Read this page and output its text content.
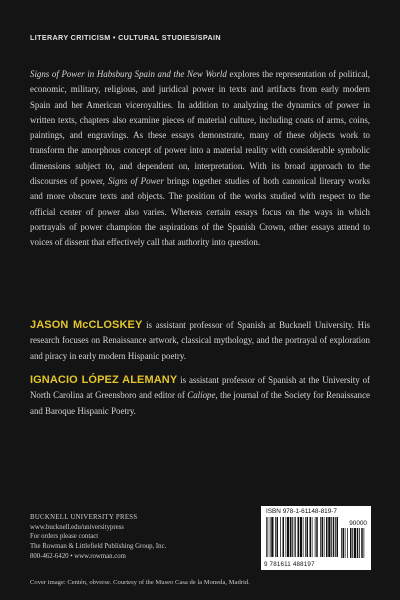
LITERARY CRITICISM • CULTURAL STUDIES/SPAIN

Signs of Power in Habsburg Spain and the New World explores the representation of political, economic, military, religious, and juridical power in texts and artifacts from early modern Spain and her American viceroyalties. In addition to analyzing the dynamics of power in written texts, chapters also examine pieces of material culture, including coats of arms, coins, paintings, and engravings. As these essays demonstrate, many of these objects work to transform the amorphous concept of power into a material reality with considerable symbolic dimensions subject to, and dependent on, interpretation. With its broad approach to the discourses of power, Signs of Power brings together studies of both canonical literary works and more obscure texts and objects. The position of the works studied with respect to the official center of power also varies. Whereas certain essays focus on the ways in which portrayals of power champion the aspirations of the Spanish Crown, other essays attend to voices of dissent that effectively call that authority into question.

JASON McCLOSKEY is assistant professor of Spanish at Bucknell University. His research focuses on Renaissance artwork, classical mythology, and the portrayal of exploration and piracy in early modern Hispanic poetry.

IGNACIO LÓPEZ ALEMANY is assistant professor of Spanish at the University of North Carolina at Greensboro and editor of Calíope, the journal of the Society for Renaissance and Baroque Hispanic Poetry.

BUCKNELL UNIVERSITY PRESS
www.bucknell.edu/universitypress
For orders please contact
The Rowman & Littlefield Publishing Group, Inc.
800-462-6420 • www.rowman.com
ISBN 978-1-61148-819-7
90000
9 781611 488197
Cover image: Centén, obverse. Courtesy of the Museo Casa de la Moneda, Madrid.
